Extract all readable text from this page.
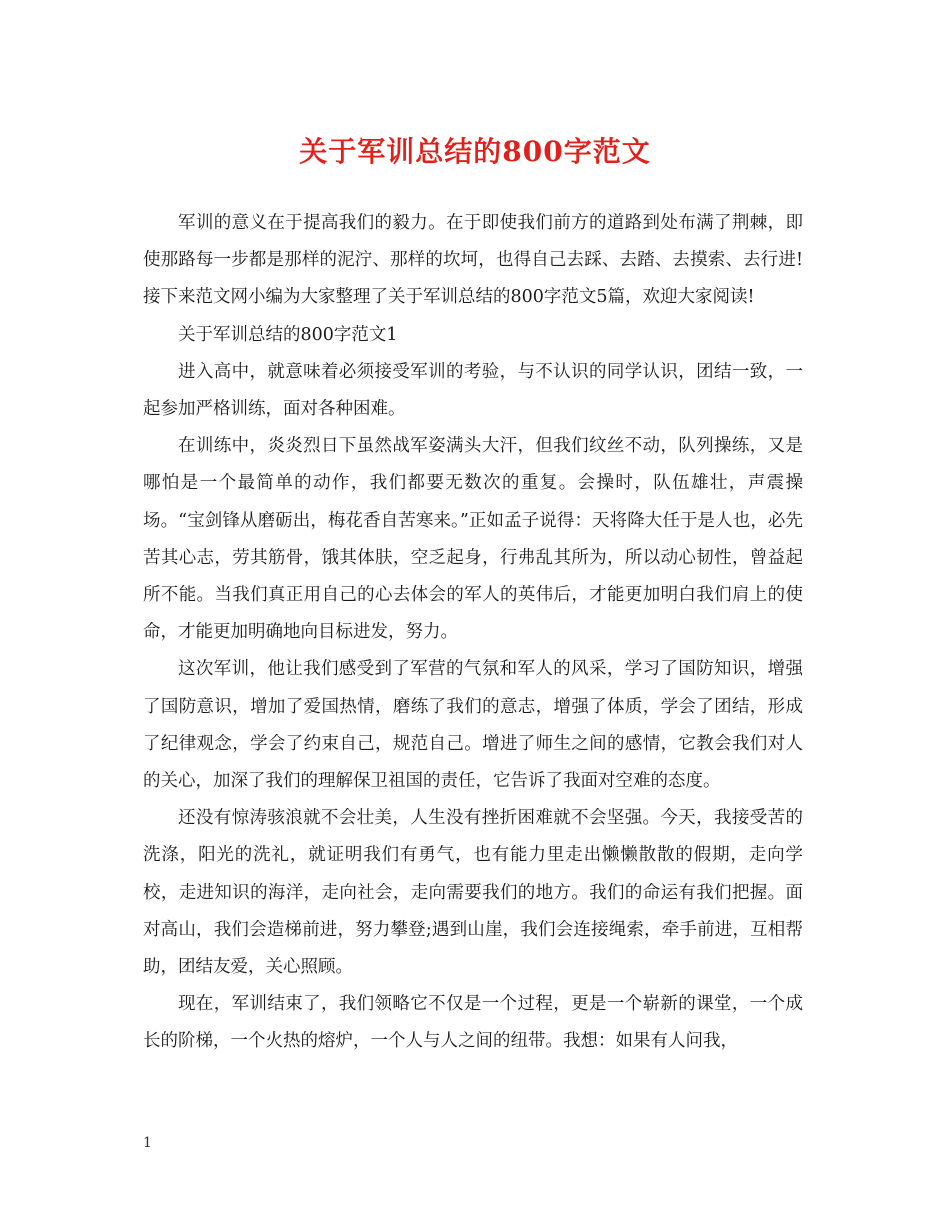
关于军训总结的800字范文

军训的意义在于提高我们的毅力。在于即使我们前方的道路到处布满了荆棘，即使那路每一步都是那样的泥泞、那样的坎坷，也得自己去踩、去踏、去摸索、去行进!接下来范文网小编为大家整理了关于军训总结的800字范文5篇，欢迎大家阅读!

关于军训总结的800字范文1

进入高中，就意味着必须接受军训的考验，与不认识的同学认识，团结一致，一起参加严格训练，面对各种困难。

在训练中，炎炎烈日下虽然战军姿满头大汗，但我们纹丝不动，队列操练，又是哪怕是一个最简单的动作，我们都要无数次的重复。会操时，队伍雄壮，声震操场。“宝剑锋从磨砺出，梅花香自苦寒来。”正如孟子说得：天将降大任于是人也，必先苦其心志，劳其筋骨，饿其体肤，空乏起身，行弗乱其所为，所以动心韧性，曾益起所不能。当我们真正用自己的心去体会的军人的英伟后，才能更加明白我们肩上的使命，才能更加明确地向目标进发，努力。

这次军训，他让我们感受到了军营的气氛和军人的风采，学习了国防知识，增强了国防意识，增加了爱国热情，磨练了我们的意志，增强了体质，学会了团结，形成了纪律观念，学会了约束自己，规范自己。增进了师生之间的感情，它教会我们对人的关心，加深了我们的理解保卫祖国的责任，它告诉了我面对空难的态度。

还没有惊涛骇浪就不会壮美，人生没有挫折困难就不会坚强。今天，我接受苦的洗涤，阳光的洗礼，就证明我们有勇气，也有能力里走出懒懒散散的假期，走向学校，走进知识的海洋，走向社会，走向需要我们的地方。我们的命运有我们把握。面对高山，我们会造梯前进，努力攀登;遇到山崖，我们会连接绳索，牵手前进，互相帮助，团结友爱，关心照顾。

现在，军训结束了，我们领略它不仅是一个过程，更是一个崭新的课堂，一个成长的阶梯，一个火热的熔炉，一个人与人之间的纽带。我想：如果有人问我，

1
